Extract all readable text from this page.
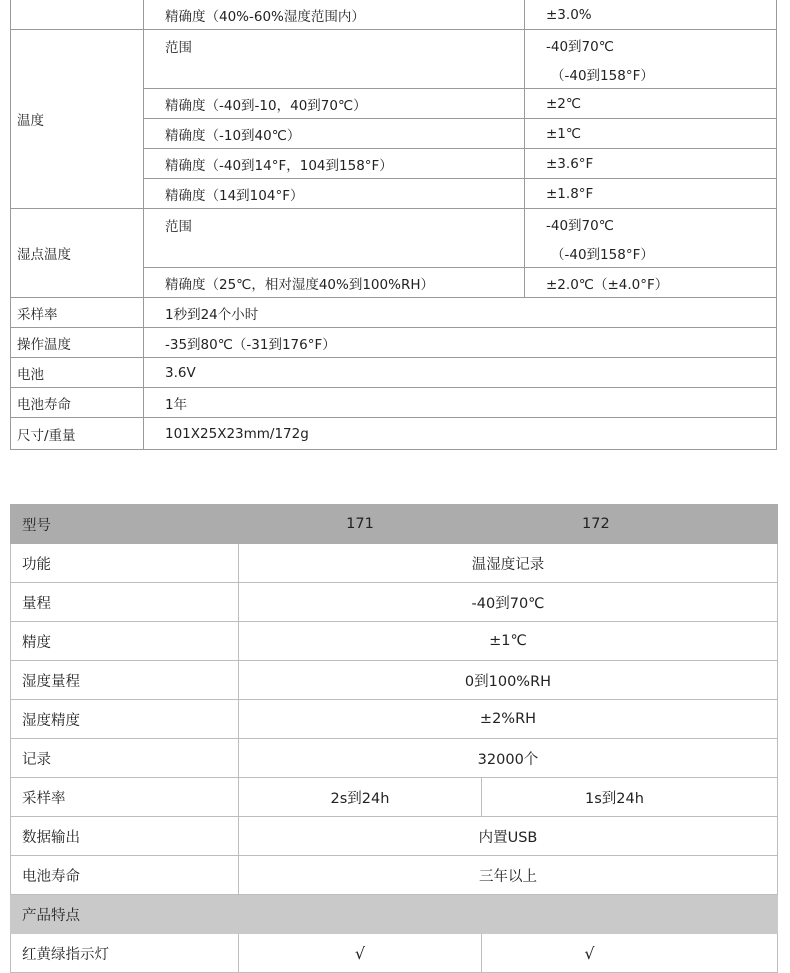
	精确度（40%-60%湿度范围内）	±3.0%
温度	范围	-40到70℃
		（-40到158°F）
	精确度（-40到-10，40到70℃）	±2℃
	精确度（-10到40℃）	±1℃
	精确度（-40到14°F，104到158°F）	±3.6°F
	精确度（14到104°F）	±1.8°F
湿点温度	范围	-40到70℃
		（-40到158°F）
	精确度（25℃，相对湿度40%到100%RH）	±2.0℃（±4.0°F）
采样率	1秒到24个小时	
操作温度	-35到80℃（-31到176°F）	
电池	3.6V	
电池寿命	1年	
尺寸/重量	101X25X23mm/172g	
型号	171	172
功能	温湿度记录	
量程	-40到70℃	
精度	±1℃	
湿度量程	0到100%RH	
湿度精度	±2%RH	
记录	32000个	
采样率	2s到24h	1s到24h
数据输出	内置USB	
电池寿命	三年以上	
产品特点		
红黄绿指示灯	√	√
